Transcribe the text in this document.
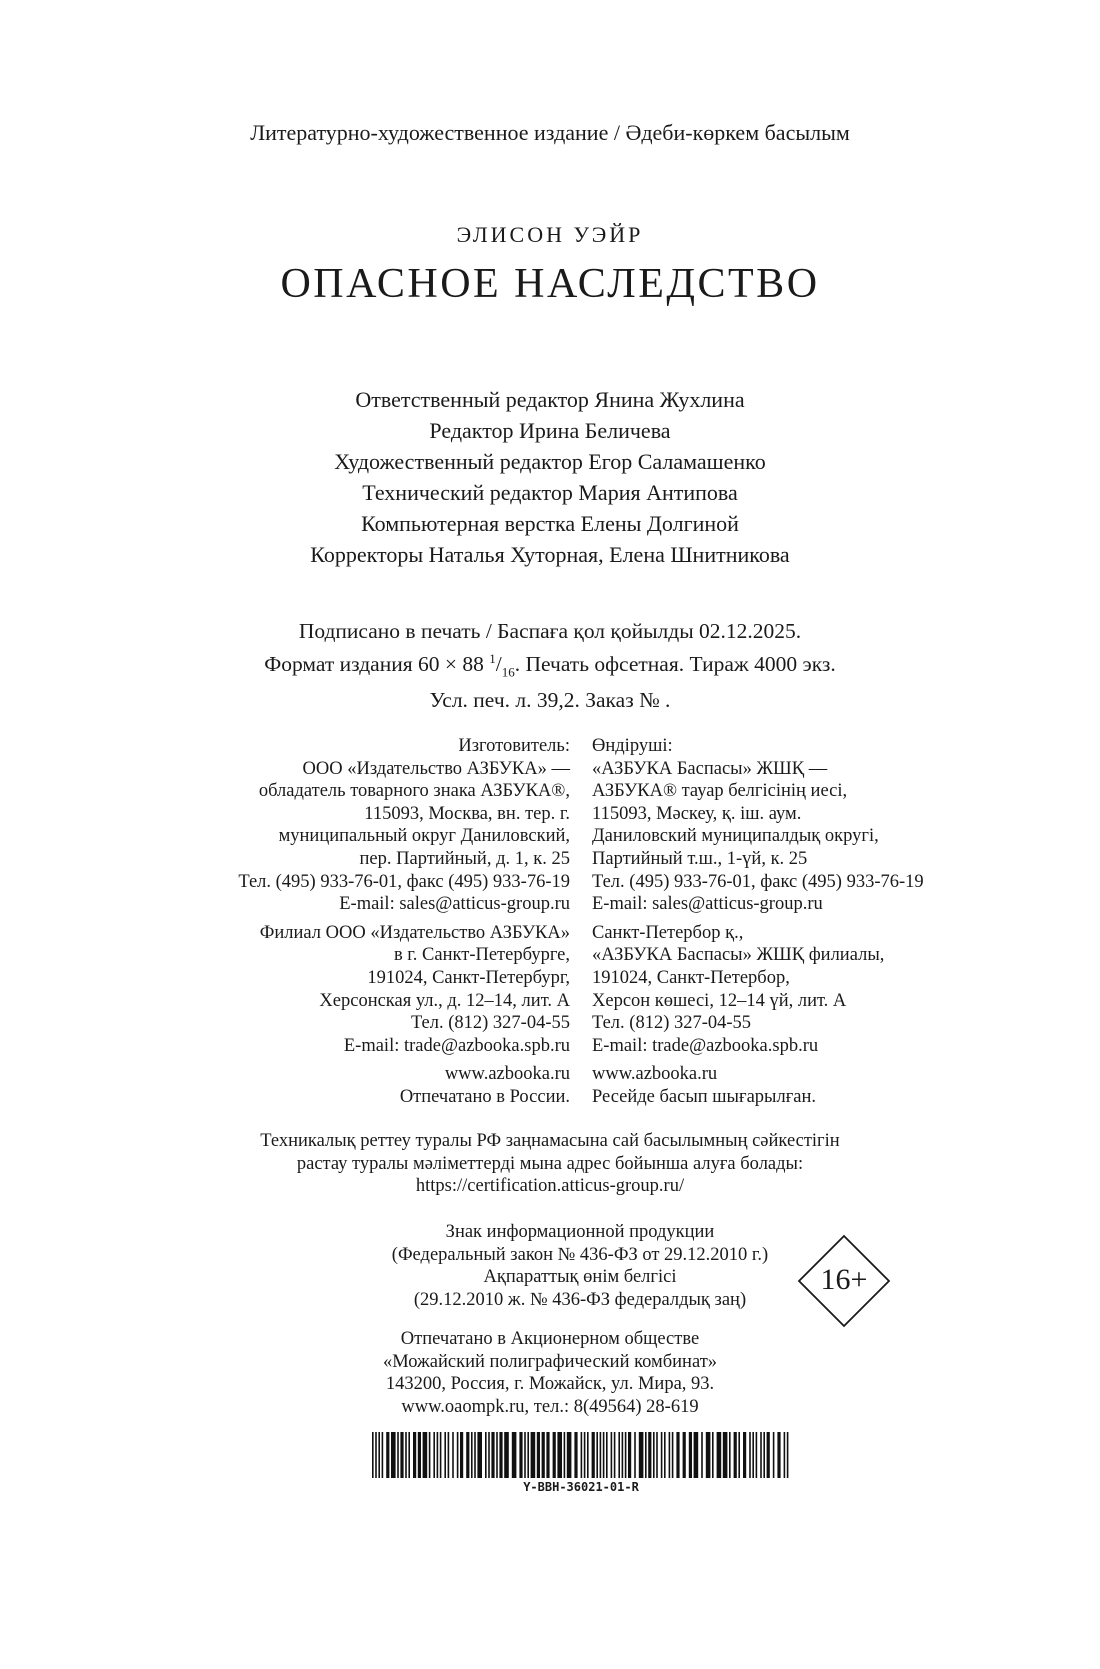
Литературно-художественное издание / Әдеби-көркем басылым
ЭЛИСОН УЭЙР
ОПАСНОЕ НАСЛЕДСТВО
Ответственный редактор Янина Жухлина
Редактор Ирина Беличева
Художественный редактор Егор Саламашенко
Технический редактор Мария Антипова
Компьютерная верстка Елены Долгиной
Корректоры Наталья Хуторная, Елена Шнитникова
Подписано в печать / Баспаға қол қойылды 02.12.2025.
Формат издания 60 × 88 $^1/_{16}$. Печать офсетная. Тираж 4000 экз.
Усл. печ. л. 39,2. Заказ № .
Изготовитель:
ООО «Издательство АЗБУКА» —
обладатель товарного знака АЗБУКА®,
115093, Москва, вн. тер. г.
муниципальный округ Даниловский,
пер. Партийный, д. 1, к. 25
Тел. (495) 933-76-01, факс (495) 933-76-19
E-mail: sales@atticus-group.ru
Филиал ООО «Издательство АЗБУКА»
в г. Санкт-Петербурге,
191024, Санкт-Петербург,
Херсонская ул., д. 12–14, лит. А
Тел. (812) 327-04-55
E-mail: trade@azbooka.spb.ru
www.azbooka.ru
Отпечатано в России.
Өндіруші:
«АЗБУКА Баспасы» ЖШҚ —
АЗБУКА® тауар белгісінің иесі,
115093, Мәскеу, қ. іш. аум.
Даниловский муниципалдық округі,
Партийный т.ш., 1-үй, к. 25
Тел. (495) 933-76-01, факс (495) 933-76-19
E-mail: sales@atticus-group.ru
Санкт-Петербор қ.,
«АЗБУКА Баспасы» ЖШҚ филиалы,
191024, Санкт-Петербор,
Херсон көшесі, 12–14 үй, лит. А
Тел. (812) 327-04-55
E-mail: trade@azbooka.spb.ru
www.azbooka.ru
Ресейде басып шығарылған.
Техникалық реттеу туралы РФ заңнамасына сай басылымның сәйкестігін
растау туралы мәліметтерді мына адрес бойынша алуға болады:
https://certification.atticus-group.ru/
Знак информационной продукции
(Федеральный закон № 436-ФЗ от 29.12.2010 г.)
Ақпараттық өнім белгісі
(29.12.2010 ж. № 436-ФЗ федералдық заң)
16+
Отпечатано в Акционерном обществе
«Можайский полиграфический комбинат»
143200, Россия, г. Можайск, ул. Мира, 93.
www.oaompk.ru, тел.: 8(49564) 28-619
Y-BBH-36021-01-R
